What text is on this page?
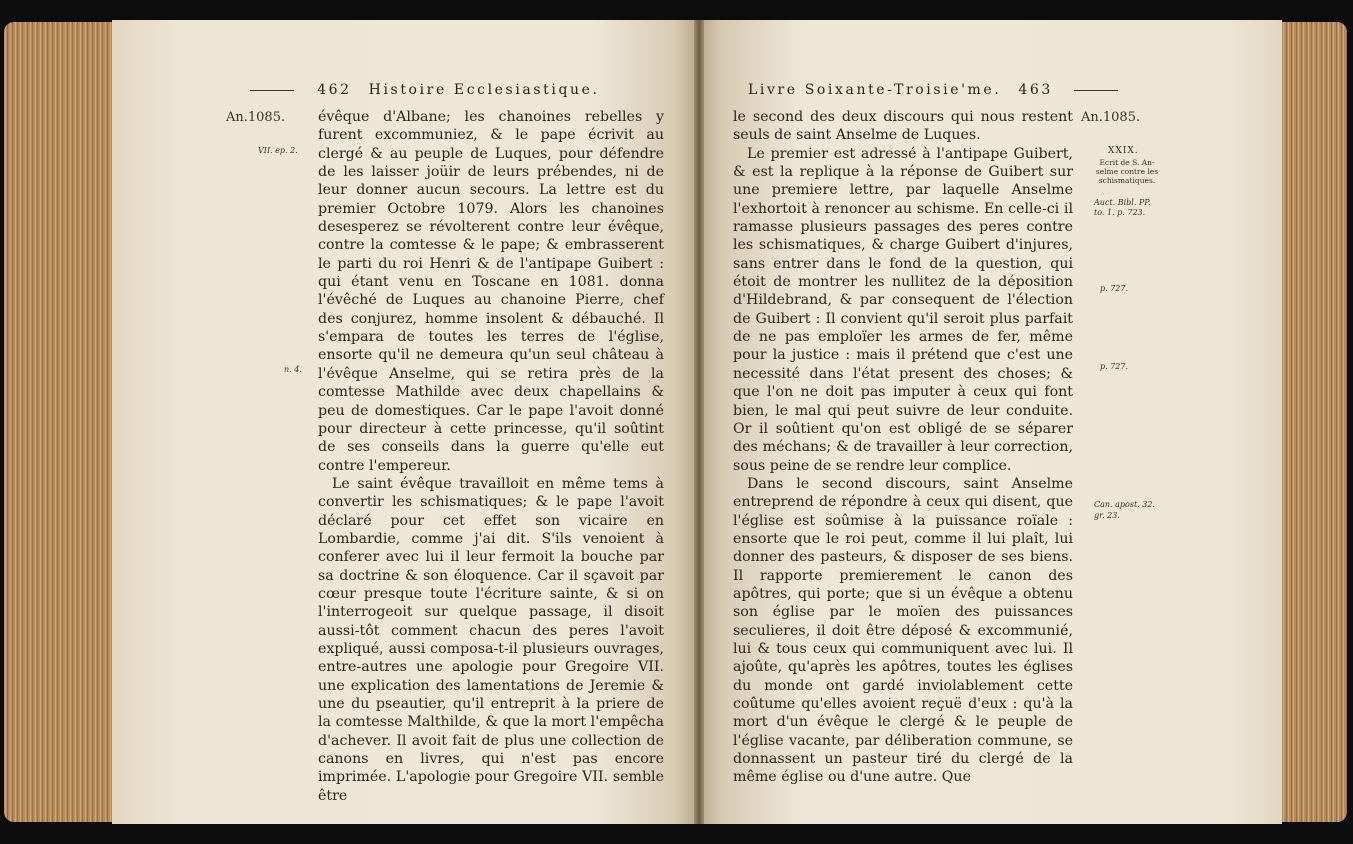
462 Histoire Ecclesiastique.
An.1085.
VII. ep. 2.
n. 4.

évêque d'Albane; les chanoines rebelles y furent excommuniez, & le pape écrivit au clergé & au peuple de Luques, pour défendre de les laisser joüir de leurs prébendes, ni de leur donner aucun secours. La lettre est du premier Octobre 1079. Alors les chanoines desesperez se révolterent contre leur évêque, contre la comtesse & le pape; & embrasserent le parti du roi Henri & de l'antipape Guibert : qui étant venu en Toscane en 1081. donna l'évêché de Luques au chanoine Pierre, chef des conjurez, homme insolent & débauché. Il s'empara de toutes les terres de l'église, ensorte qu'il ne demeura qu'un seul château à l'évêque Anselme, qui se retira près de la comtesse Mathilde avec deux chapellains & peu de domestiques. Car le pape l'avoit donné pour directeur à cette princesse, qu'il soûtint de ses conseils dans la guerre qu'elle eut contre l'empereur.

Le saint évêque travailloit en même tems à convertir les schismatiques; & le pape l'avoit déclaré pour cet effet son vicaire en Lombardie, comme j'ai dit. S'ils venoient à conferer avec lui il leur fermoit la bouche par sa doctrine & son éloquence. Car il sçavoit par cœur presque toute l'écriture sainte, & si on l'interrogeoit sur quelque passage, il disoit aussi-tôt comment chacun des peres l'avoit expliqué, aussi composa-t-il plusieurs ouvrages, entre-autres une apologie pour Gregoire VII. une explication des lamentations de Jeremie & une du pseautier, qu'il entreprit à la priere de la comtesse Malthilde, & que la mort l'empêcha d'achever. Il avoit fait de plus une collection de canons en livres, qui n'est pas encore imprimée. L'apologie pour Gregoire VII. semble être

Livre Soixante-Troisie'me. 463

le second des deux discours qui nous restent seuls de saint Anselme de Luques.

Le premier est adressé à l'antipape Guibert, & est la replique à la réponse de Guibert sur une premiere lettre, par laquelle Anselme l'exhortoit à renoncer au schisme. En celle-ci il ramasse plusieurs passages des peres contre les schismatiques, & charge Guibert d'injures, sans entrer dans le fond de la question, qui étoit de montrer les nullitez de la déposition d'Hildebrand, & par consequent de l'élection de Guibert : Il convient qu'il seroit plus parfait de ne pas emploïer les armes de fer, même pour la justice : mais il prétend que c'est une necessité dans l'état present des choses; & que l'on ne doit pas imputer à ceux qui font bien, le mal qui peut suivre de leur conduite. Or il soûtient qu'on est obligé de se séparer des méchans; & de travailler à leur correction, sous peine de se rendre leur complice.

Dans le second discours, saint Anselme entreprend de répondre à ceux qui disent, que l'église est soûmise à la puissance roïale : ensorte que le roi peut, comme il lui plaît, lui donner des pasteurs, & disposer de ses biens. Il rapporte premierement le canon des apôtres, qui porte; que si un évêque a obtenu son église par le moïen des puissances seculieres, il doit être déposé & excommunié, lui & tous ceux qui communiquent avec lui. Il ajoûte, qu'après les apôtres, toutes les églises du monde ont gardé inviolablement cette coûtume qu'elles avoient reçuë d'eux : qu'à la mort d'un évêque le clergé & le peuple de l'église vacante, par déliberation commune, se donnassent un pasteur tiré du clergé de la même église ou d'une autre. Que

An.1085.
XXIX.
Ecrit de S. An-
selme contre les
schismatiques.
Auct. Bibl. PP.
to. 1. p. 723.
p. 727.
p. 727.
Can. apost. 32.
gr. 23.
